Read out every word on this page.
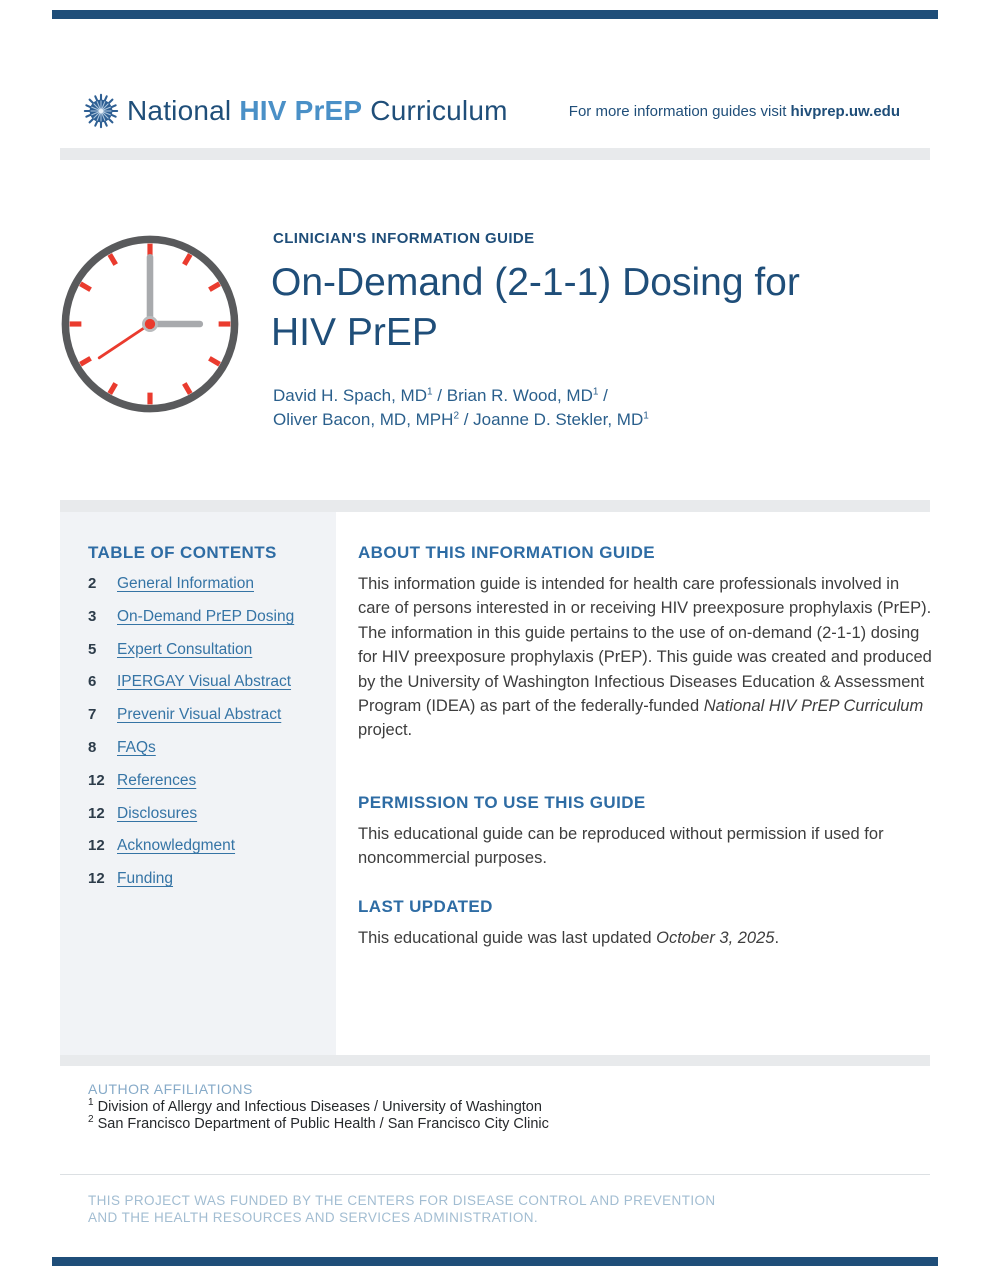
National HIV PrEP Curriculum	For more information guides visit hivprep.uw.edu
CLINICIAN'S INFORMATION GUIDE
On-Demand (2-1-1) Dosing for
HIV PrEP
David H. Spach, $MD^1$ / Brian R. Wood, $MD^1$ /
Oliver Bacon, MD, MPH$^2$ / Joanne D. Stekler, $MD^1$
TABLE OF CONTENTS
2	General Information
3	On-Demand PrEP Dosing
5	Expert Consultation
6	IPERGAY Visual Abstract
7	Prevenir Visual Abstract
8	FAQs
12 References
12 Disclosures
12 Acknowledgment
12 Funding
ABOUT THIS INFORMATION GUIDE
This information guide is intended for health care professionals involved in care of persons interested in or receiving HIV preexposure prophylaxis (PrEP). The information in this guide pertains to the use of on-demand (2-1-1) dosing for HIV preexposure prophylaxis (PrEP). This guide was created and produced by the University of Washington Infectious Diseases Education & Assessment Program (IDEA) as part of the federally-funded National HIV PrEP Curriculum project.
PERMISSION TO USE THIS GUIDE
This educational guide can be reproduced without permission if used for noncommercial purposes.
LAST UPDATED
This educational guide was last updated October 3, 2025.
AUTHOR AFFILIATIONS
$^1$ Division of Allergy and Infectious Diseases / University of Washington
$^2$ San Francisco Department of Public Health / San Francisco City Clinic
THIS PROJECT WAS FUNDED BY THE CENTERS FOR DISEASE CONTROL AND PREVENTION
AND THE HEALTH RESOURCES AND SERVICES ADMINISTRATION.
